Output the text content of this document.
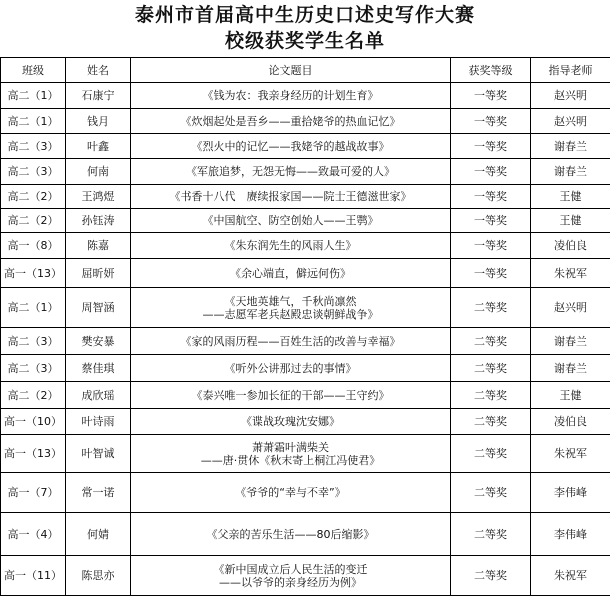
泰州市首届高中生历史口述史写作大赛
校级获奖学生名单
班级	姓名	论文题目	获奖等级	指导老师
高二（1）	石康宁	《钱为农：我亲身经历的计划生育》	一等奖	赵兴明
高二（1）	钱月	《炊烟起处是吾乡——重拾姥爷的热血记忆》	一等奖	赵兴明
高二（3）	叶鑫	《烈火中的记忆——我姥爷的越战故事》	一等奖	谢春兰
高二（3）	何南	《军旅追梦，无怨无悔——致最可爱的人》	一等奖	谢春兰
高二（2）	王鸿煜	《书香十八代　赓续报家国——院士王德滋世家》	一等奖	王健
高二（2）	孙钰涛	《中国航空、防空创始人——王鹗》	一等奖	王健
高一（8）	陈嘉	《朱东润先生的风雨人生》	一等奖	凌伯良
高一（13）	屈昕妍	《余心端直，僻远何伤》	一等奖	朱祝军
高二（1）	周智涵	《天地英雄气，千秋尚凛然
——志愿军老兵赵殿忠谈朝鲜战争》	二等奖	赵兴明
高二（3）	樊安暴	《家的风雨历程——百姓生活的改善与幸福》	二等奖	谢春兰
高二（3）	蔡佳琪	《听外公讲那过去的事情》	二等奖	谢春兰
高二（2）	成欣瑶	《泰兴唯一参加长征的干部——王守约》	二等奖	王健
高一（10）	叶诗雨	《谍战玫瑰沈安娜》	二等奖	凌伯良
高一（13）	叶智诚	萧萧霜叶满柴关
——唐·贯休《秋末寄上桐江冯使君》	二等奖	朱祝军
高一（7）	常一诺	《爷爷的“幸与不幸”》	二等奖	李伟峰
高一（4）	何婧	《父亲的苦乐生活——80后缩影》	二等奖	李伟峰
高一（11）	陈思亦	《新中国成立后人民生活的变迁
——以爷爷的亲身经历为例》	二等奖	朱祝军
